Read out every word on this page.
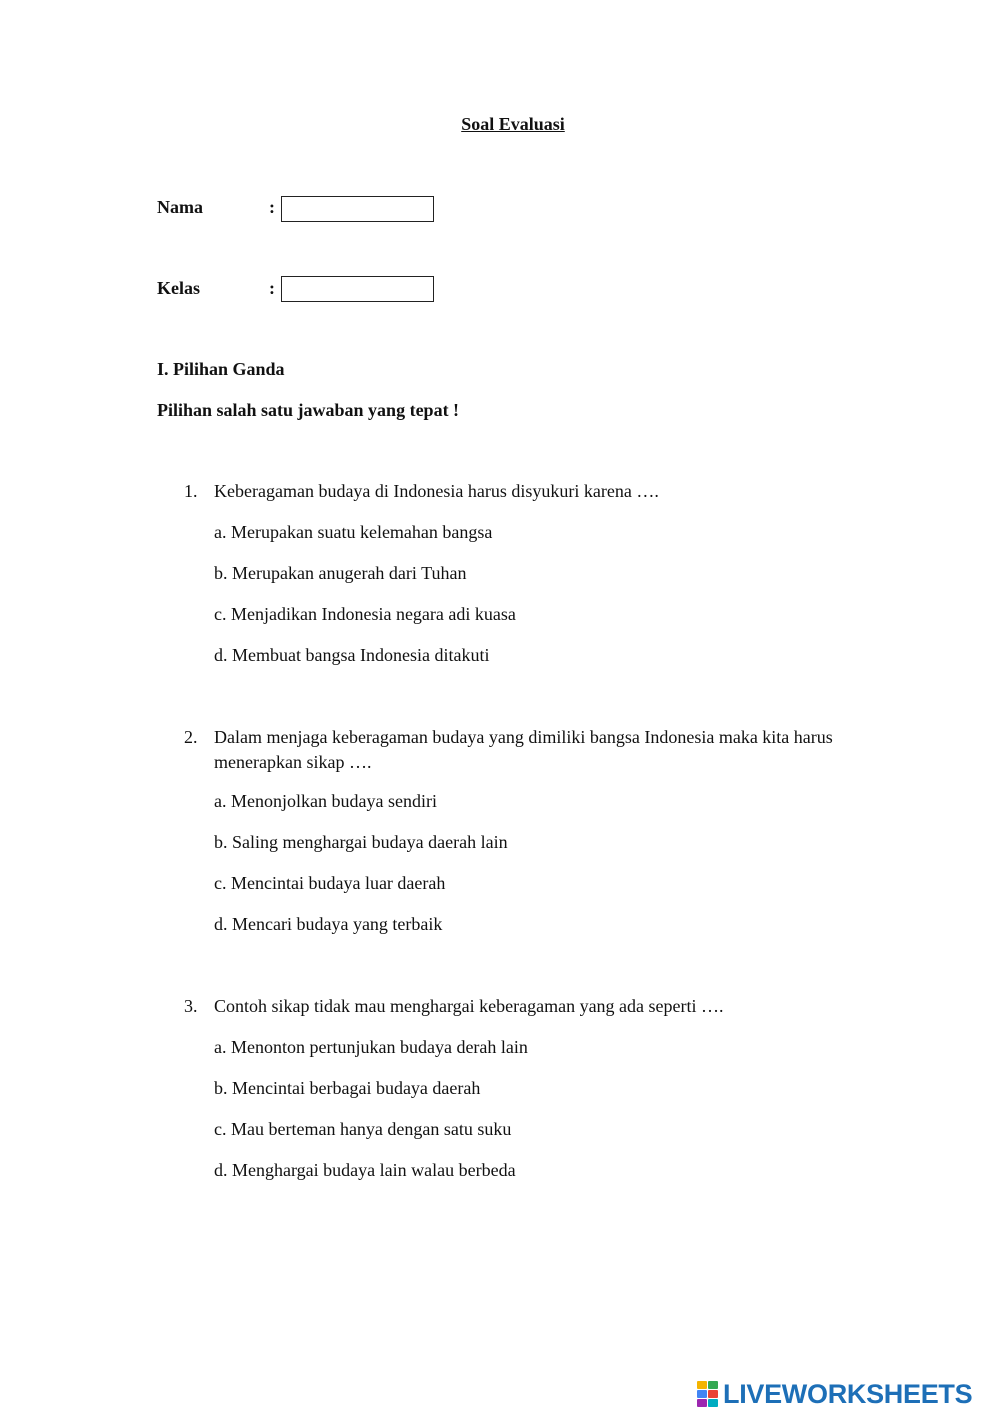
Soal Evaluasi
Nama	:
Kelas	:
I. Pilihan Ganda
Pilihan salah satu jawaban yang tepat !
1. Keberagaman budaya di Indonesia harus disyukuri karena ….
a. Merupakan suatu kelemahan bangsa
b. Merupakan anugerah dari Tuhan
c. Menjadikan Indonesia negara adi kuasa
d. Membuat bangsa Indonesia ditakuti
2. Dalam menjaga keberagaman budaya yang dimiliki bangsa Indonesia maka kita harus menerapkan sikap ….
a. Menonjolkan budaya sendiri
b. Saling menghargai budaya daerah lain
c. Mencintai budaya luar daerah
d. Mencari budaya yang terbaik
3. Contoh sikap tidak mau menghargai keberagaman yang ada seperti ….
a. Menonton pertunjukan budaya derah lain
b. Mencintai berbagai budaya daerah
c. Mau berteman hanya dengan satu suku
d. Menghargai budaya lain walau berbeda
LIVEWORKSHEETS
